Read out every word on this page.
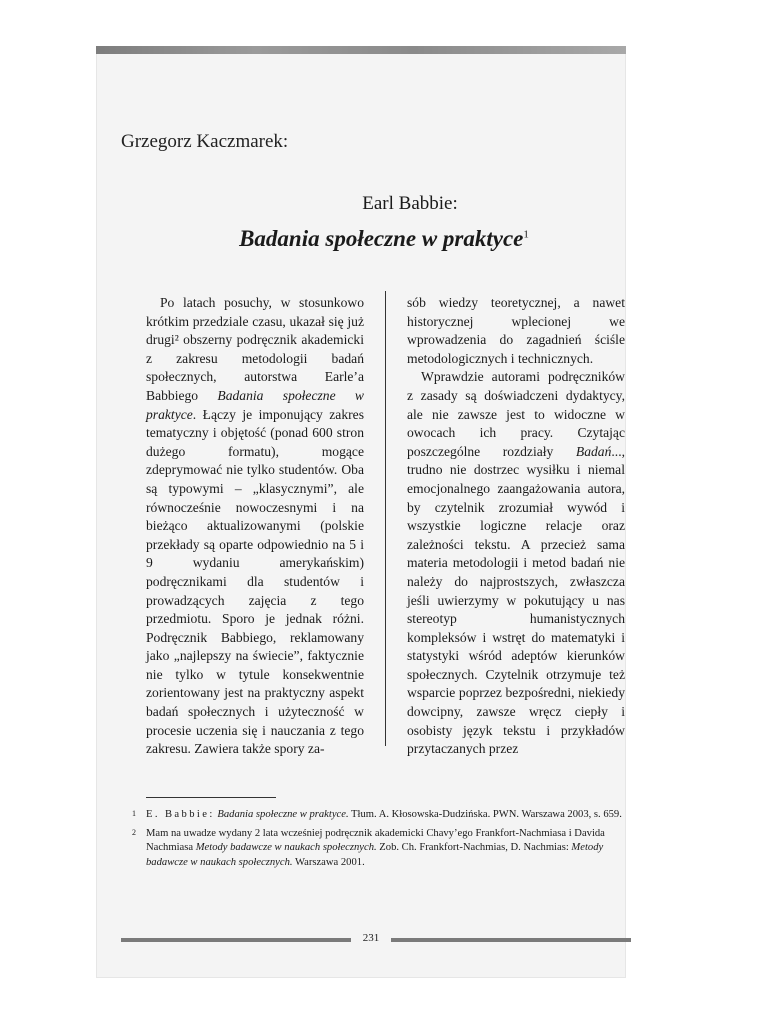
Grzegorz Kaczmarek:
Earl Babbie:
Badania społeczne w praktyce$^1$

Po latach posuchy, w stosunkowo krótkim przedziale czasu, ukazał się już drugi² obszerny podręcznik akademicki z zakresu metodologii badań społecznych, autorstwa Earle’a Babbiego Badania społeczne w praktyce. Łączy je imponujący zakres tematyczny i objętość (ponad 600 stron dużego formatu), mogące zdeprymować nie tylko studentów. Oba są typowymi – „klasycznymi”, ale równocześnie nowoczesnymi i na bieżąco aktualizowanymi (polskie przekłady są oparte odpowiednio na 5 i 9 wydaniu amerykańskim) podręcznikami dla studentów i prowadzących zajęcia z tego przedmiotu. Sporo je jednak różni. Podręcznik Babbiego, reklamowany jako „najlepszy na świecie”, faktycznie nie tylko w tytule konsekwentnie zorientowany jest na praktyczny aspekt badań społecznych i użyteczność w procesie uczenia się i nauczania z tego zakresu. Zawiera także spory za-

sób wiedzy teoretycznej, a nawet historycznej wplecionej we wprowadzenia do zagadnień ściśle metodologicznych i technicznych.

Wprawdzie autorami podręczników z zasady są doświadczeni dydaktycy, ale nie zawsze jest to widoczne w owocach ich pracy. Czytając poszczególne rozdziały Badań..., trudno nie dostrzec wysiłku i niemal emocjonalnego zaangażowania autora, by czytelnik zrozumiał wywód i wszystkie logiczne relacje oraz zależności tekstu. A przecież sama materia metodologii i metod badań nie należy do najprostszych, zwłaszcza jeśli uwierzymy w pokutujący u nas stereotyp humanistycznych kompleksów i wstręt do matematyki i statystyki wśród adeptów kierunków społecznych. Czytelnik otrzymuje też wsparcie poprzez bezpośredni, niekiedy dowcipny, zawsze wręcz ciepły i osobisty język tekstu i przykładów przytaczanych przez

1 E. Babbie: Badania społeczne w praktyce. Tłum. A. Kłosowska-Dudzińska. PWN. Warszawa 2003, s. 659.
2 Mam na uwadze wydany 2 lata wcześniej podręcznik akademicki Chavy’ego Frankfort-Nachmiasa i Davida Nachmiasa Metody badawcze w naukach społecznych. Zob. Ch. Frankfort-Nachmias, D. Nachmias: Metody badawcze w naukach społecznych. Warszawa 2001.
231
